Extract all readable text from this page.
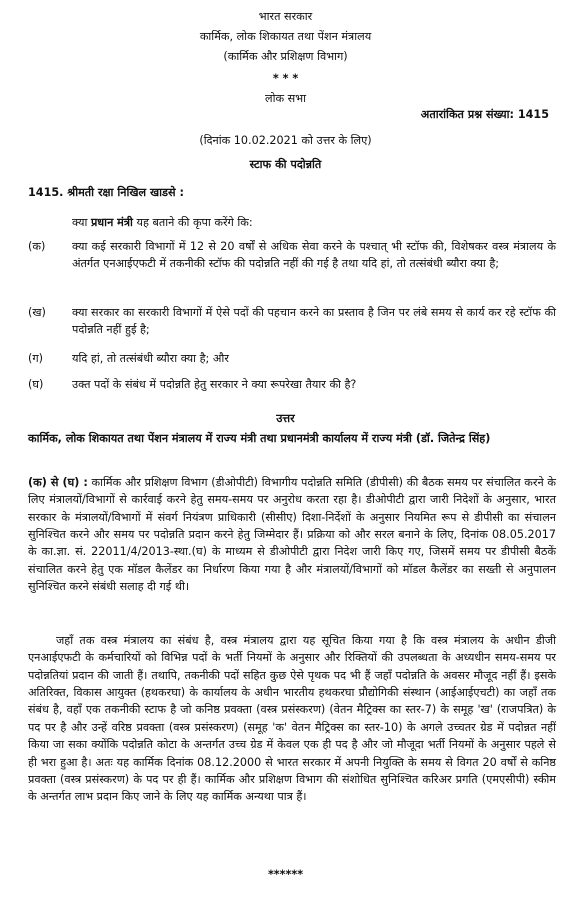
भारत सरकार
कार्मिक, लोक शिकायत तथा पेंशन मंत्रालय
(कार्मिक और प्रशिक्षण विभाग)
* * *
लोक सभा
अतारांकित प्रश्न संख्या: 1415
(दिनांक 10.02.2021 को उत्तर के लिए)
स्टाफ की पदोन्नति
1415. श्रीमती रक्षा निखिल खाडसे :
क्या प्रधान मंत्री यह बताने की कृपा करेंगे कि:
(क)	क्या कई सरकारी विभागों में 12 से 20 वर्षों से अधिक सेवा करने के पश्चात् भी स्टॉफ की, विशेषकर वस्त्र मंत्रालय के अंतर्गत एनआईएफटी में तकनीकी स्टॉफ की पदोन्नति नहीं की गई है तथा यदि हां, तो तत्संबंधी ब्यौरा क्या है;
(ख)	क्या सरकार का सरकारी विभागों में ऐसे पदों की पहचान करने का प्रस्ताव है जिन पर लंबे समय से कार्य कर रहे स्टॉफ की पदोन्नति नहीं हुई है;
(ग)	यदि हां, तो तत्संबंधी ब्यौरा क्या है; और
(घ)	उक्त पदों के संबंध में पदोन्नति हेतु सरकार ने क्या रूपरेखा तैयार की है?
उत्तर
कार्मिक, लोक शिकायत तथा पेंशन मंत्रालय में राज्य मंत्री तथा प्रधानमंत्री कार्यालय में राज्य मंत्री (डॉ. जितेन्द्र सिंह)
(क) से (घ) : कार्मिक और प्रशिक्षण विभाग (डीओपीटी) विभागीय पदोन्नति समिति (डीपीसी) की बैठक समय पर संचालित करने के लिए मंत्रालयों/विभागों से कार्रवाई करने हेतु समय-समय पर अनुरोध करता रहा है। डीओपीटी द्वारा जारी निदेशों के अनुसार, भारत सरकार के मंत्रालयों/विभागों में संवर्ग नियंत्रण प्राधिकारी (सीसीए) दिशा-निर्देशों के अनुसार नियमित रूप से डीपीसी का संचालन सुनिश्चित करने और समय पर पदोन्नति प्रदान करने हेतु जिम्मेदार हैं। प्रक्रिया को और सरल बनाने के लिए, दिनांक 08.05.2017 के का.ज्ञा. सं. 22011/4/2013-स्था.(घ) के माध्यम से डीओपीटी द्वारा निदेश जारी किए गए, जिसमें समय पर डीपीसी बैठकें संचालित करने हेतु एक मॉडल कैलेंडर का निर्धारण किया गया है और मंत्रालयों/विभागों को मॉडल कैलेंडर का सख्ती से अनुपालन सुनिश्चित करने संबंधी सलाह दी गई थी।
जहाँ तक वस्त्र मंत्रालय का संबंध है, वस्त्र मंत्रालय द्वारा यह सूचित किया गया है कि वस्त्र मंत्रालय के अधीन डीजी एनआईएफटी के कर्मचारियों को विभिन्न पदों के भर्ती नियमों के अनुसार और रिक्तियों की उपलब्धता के अध्यधीन समय-समय पर पदोन्नतियां प्रदान की जाती हैं। तथापि, तकनीकी पदों सहित कुछ ऐसे पृथक पद भी हैं जहाँ पदोन्नति के अवसर मौजूद नहीं हैं। इसके अतिरिक्त, विकास आयुक्त (हथकरघा) के कार्यालय के अधीन भारतीय हथकरघा प्रौद्योगिकी संस्थान (आईआईएचटी) का जहाँ तक संबंध है, वहाँ एक तकनीकी स्टाफ है जो कनिष्ठ प्रवक्ता (वस्त्र प्रसंस्करण) (वेतन मैट्रिक्स का स्तर-7) के समूह 'ख' (राजपत्रित) के पद पर है और उन्हें वरिष्ठ प्रवक्ता (वस्त्र प्रसंस्करण) (समूह 'क' वेतन मैट्रिक्स का स्तर-10) के अगले उच्चतर ग्रेड में पदोन्नत नहीं किया जा सका क्योंकि पदोन्नति कोटा के अन्तर्गत उच्च ग्रेड में केवल एक ही पद है और जो मौजूदा भर्ती नियमों के अनुसार पहले से ही भरा हुआ है। अतः यह कार्मिक दिनांक 08.12.2000 से भारत सरकार में अपनी नियुक्ति के समय से विगत 20 वर्षों से कनिष्ठ प्रवक्ता (वस्त्र प्रसंस्करण) के पद पर ही हैं। कार्मिक और प्रशिक्षण विभाग की संशोधित सुनिश्चित करिअर प्रगति (एमएसीपी) स्कीम के अन्तर्गत लाभ प्रदान किए जाने के लिए यह कार्मिक अन्यथा पात्र हैं।
******
